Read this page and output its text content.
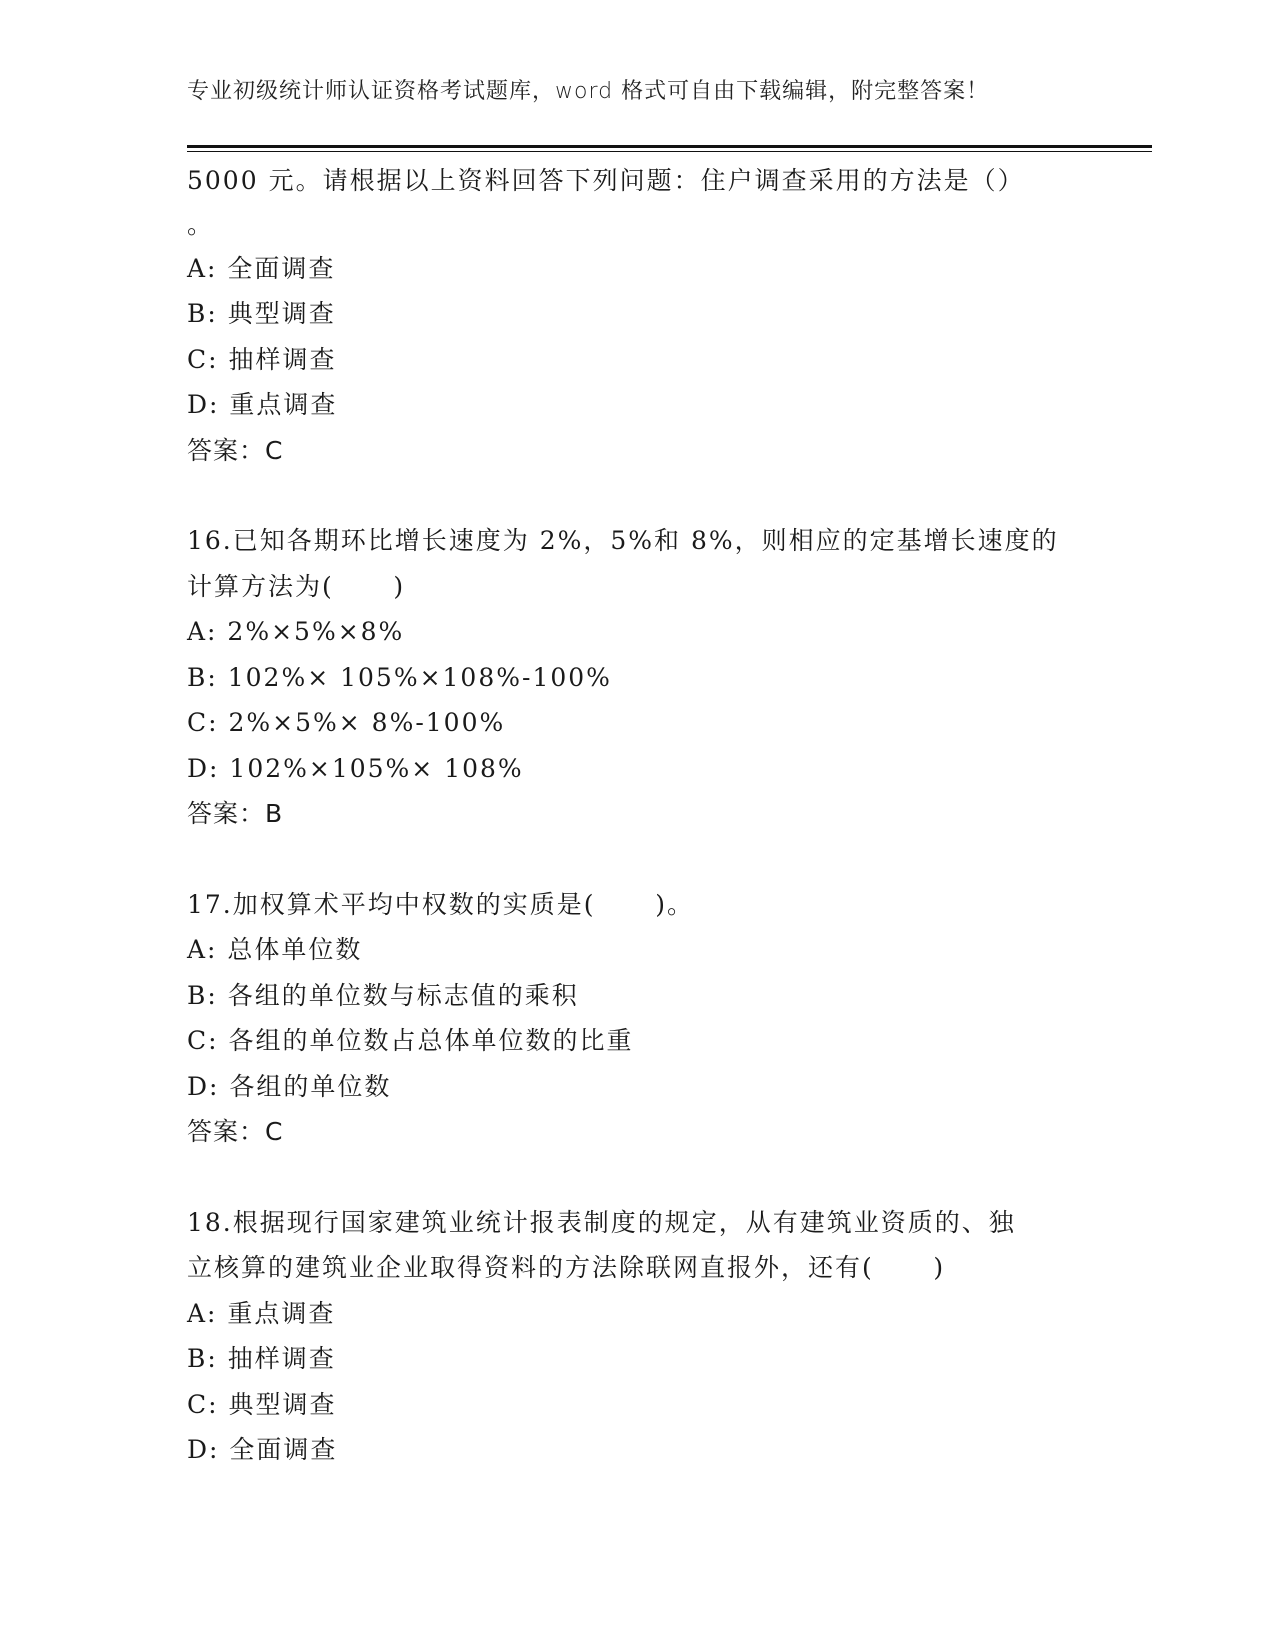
专业初级统计师认证资格考试题库，word 格式可自由下载编辑，附完整答案！
5000 元。请根据以上资料回答下列问题：住户调查采用的方法是（）
。
A: 全面调查
B: 典型调查
C: 抽样调查
D: 重点调查
答案：C
16.已知各期环比增长速度为 2%，5%和 8%，则相应的定基增长速度的
计算方法为(      )
A: 2%×5%×8%
B: 102%× 105%×108%-100%
C: 2%×5%× 8%-100%
D: 102%×105%× 108%
答案：B
17.加权算术平均中权数的实质是(      )。
A: 总体单位数
B: 各组的单位数与标志值的乘积
C: 各组的单位数占总体单位数的比重
D: 各组的单位数
答案：C
18.根据现行国家建筑业统计报表制度的规定，从有建筑业资质的、独
立核算的建筑业企业取得资料的方法除联网直报外，还有(      )
A: 重点调查
B: 抽样调查
C: 典型调查
D: 全面调查
